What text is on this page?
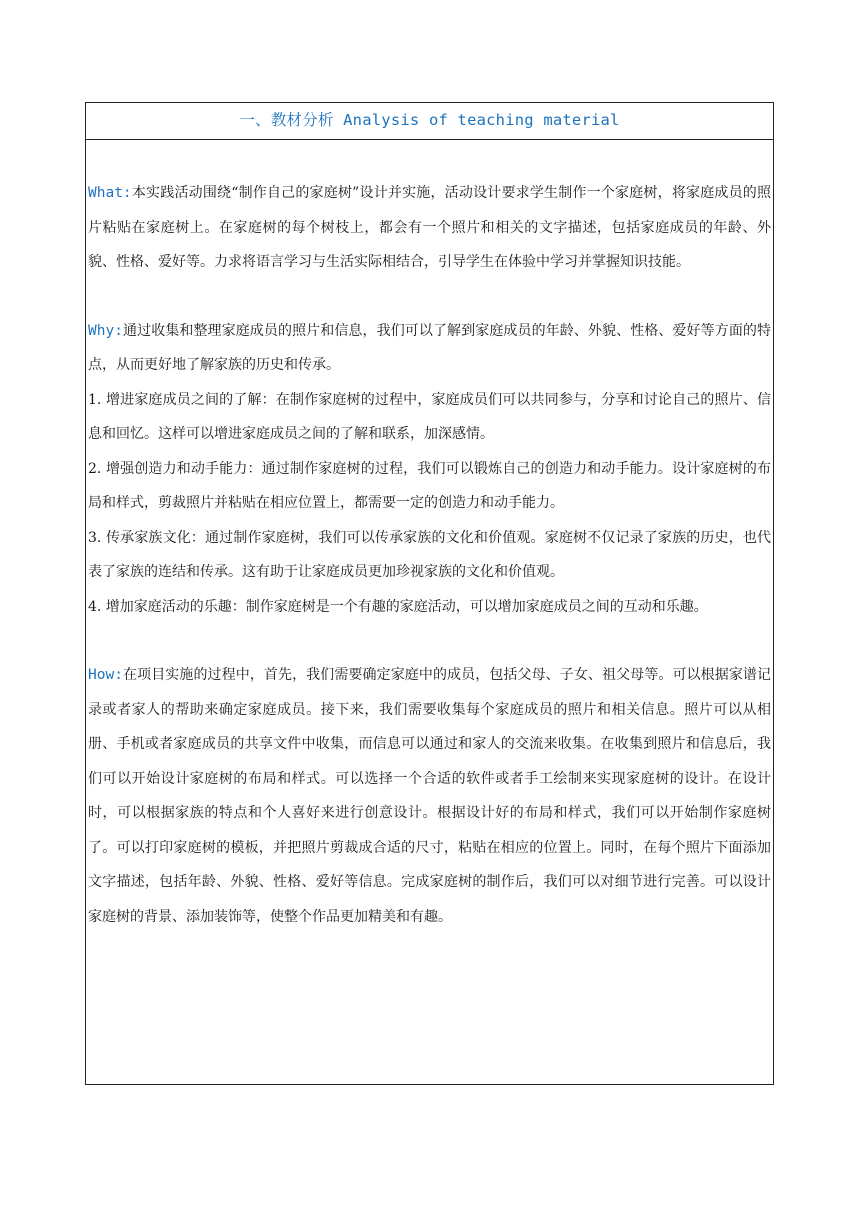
一、教材分析 Analysis of teaching material

What:本实践活动围绕“制作自己的家庭树”设计并实施，活动设计要求学生制作一个家庭树，将家庭成员的照片粘贴在家庭树上。在家庭树的每个树枝上，都会有一个照片和相关的文字描述，包括家庭成员的年龄、外貌、性格、爱好等。力求将语言学习与生活实际相结合，引导学生在体验中学习并掌握知识技能。

Why:通过收集和整理家庭成员的照片和信息，我们可以了解到家庭成员的年龄、外貌、性格、爱好等方面的特点，从而更好地了解家族的历史和传承。

1. 增进家庭成员之间的了解：在制作家庭树的过程中，家庭成员们可以共同参与，分享和讨论自己的照片、信息和回忆。这样可以增进家庭成员之间的了解和联系，加深感情。

2. 增强创造力和动手能力：通过制作家庭树的过程，我们可以锻炼自己的创造力和动手能力。设计家庭树的布局和样式，剪裁照片并粘贴在相应位置上，都需要一定的创造力和动手能力。

3. 传承家族文化：通过制作家庭树，我们可以传承家族的文化和价值观。家庭树不仅记录了家族的历史，也代表了家族的连结和传承。这有助于让家庭成员更加珍视家族的文化和价值观。

4. 增加家庭活动的乐趣：制作家庭树是一个有趣的家庭活动，可以增加家庭成员之间的互动和乐趣。

How:在项目实施的过程中，首先，我们需要确定家庭中的成员，包括父母、子女、祖父母等。可以根据家谱记录或者家人的帮助来确定家庭成员。接下来，我们需要收集每个家庭成员的照片和相关信息。照片可以从相册、手机或者家庭成员的共享文件中收集，而信息可以通过和家人的交流来收集。在收集到照片和信息后，我们可以开始设计家庭树的布局和样式。可以选择一个合适的软件或者手工绘制来实现家庭树的设计。在设计时，可以根据家族的特点和个人喜好来进行创意设计。根据设计好的布局和样式，我们可以开始制作家庭树了。可以打印家庭树的模板，并把照片剪裁成合适的尺寸，粘贴在相应的位置上。同时，在每个照片下面添加文字描述，包括年龄、外貌、性格、爱好等信息。完成家庭树的制作后，我们可以对细节进行完善。可以设计家庭树的背景、添加装饰等，使整个作品更加精美和有趣。
